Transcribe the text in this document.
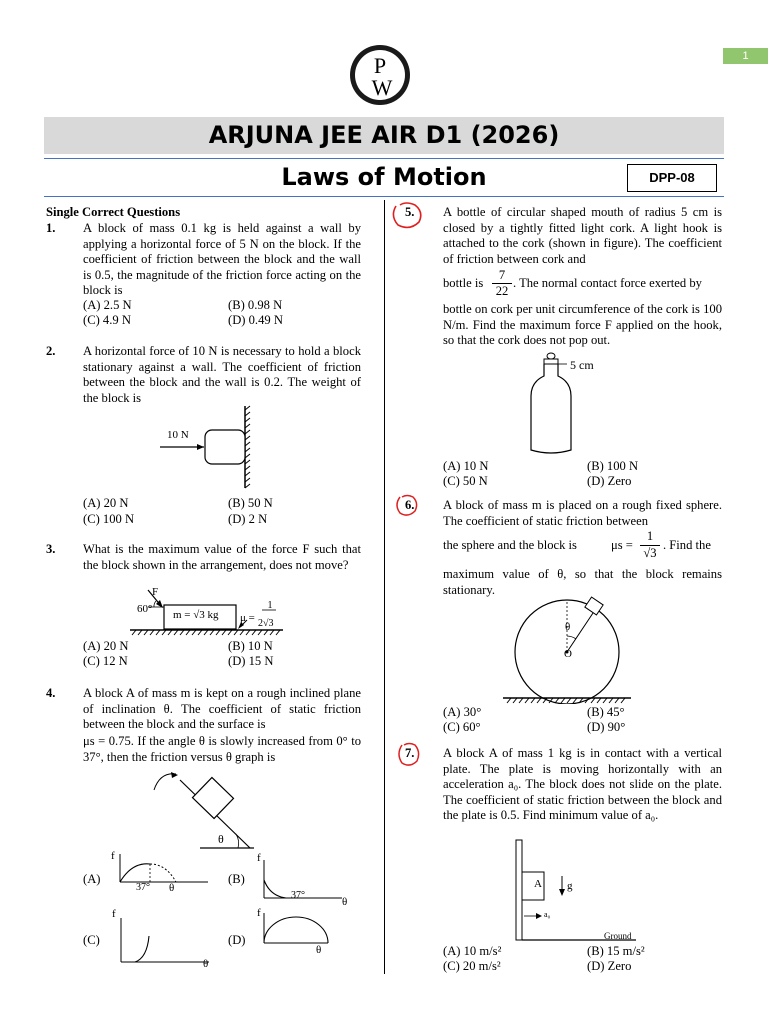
1
P
W
ARJUNA JEE AIR D1 (2026)
Laws of Motion	DPP-08
Single Correct Questions
1. A block of mass 0.1 kg is held against a wall by applying a horizontal force of 5 N on the block. If the coefficient of friction between the block and the wall is 0.5, the magnitude of the friction force acting on the block is
(A) 2.5 N	(B) 0.98 N
(C) 4.9 N	(D) 0.49 N
2. A horizontal force of 10 N is necessary to hold a block stationary against a wall. The coefficient of friction between the block and the wall is 0.2. The weight of the block is
10 N
(A) 20 N	(B) 50 N
(C) 100 N	(D) 2 N
3. What is the maximum value of the force F such that the block shown in the arrangement, does not move?
F
60° m = √3 kg μ =
1
2√3
(A) 20 N	(B) 10 N
(C) 12 N	(D) 15 N
4. A block A of mass m is kept on a rough inclined plane of inclination θ. The coefficient of static friction between the block and the surface is
μs = 0.75. If the angle θ is slowly increased from 0° to 37°, then the friction versus θ graph is
θ
(A)
f
37° θ
(B)
f
37°
θ
(C)
f
θ
(D)
f
θ
5. A bottle of circular shaped mouth of radius 5 cm is closed by a tightly fitted light cork. A light hook is attached to the cork (shown in figure). The coefficient of friction between cork and
bottle is
7
22
. The normal contact force exerted by
bottle on cork per unit circumference of the cork is 100 N/m. Find the maximum force F applied on the hook, so that the cork does not pop out.
5 cm
(A) 10 N	(B) 100 N
(C) 50 N	(D) Zero
6. A block of mass m is placed on a rough fixed sphere. The coefficient of static friction between
the sphere and the block is	μs =
1
√3
. Find the
maximum value of θ, so that the block remains stationary.
θ
O
(A) 30°	(B) 45°
(C) 60°	(D) 90°
7. A block A of mass 1 kg is in contact with a vertical plate. The plate is moving horizontally with an acceleration a₀. The block does not slide on the plate. The coefficient of static friction between the block and the plate is 0.5. Find minimum value of a₀.
A g
a₀
Ground
(A) 10 m/s²	(B) 15 m/s²
(C) 20 m/s²	(D) Zero
